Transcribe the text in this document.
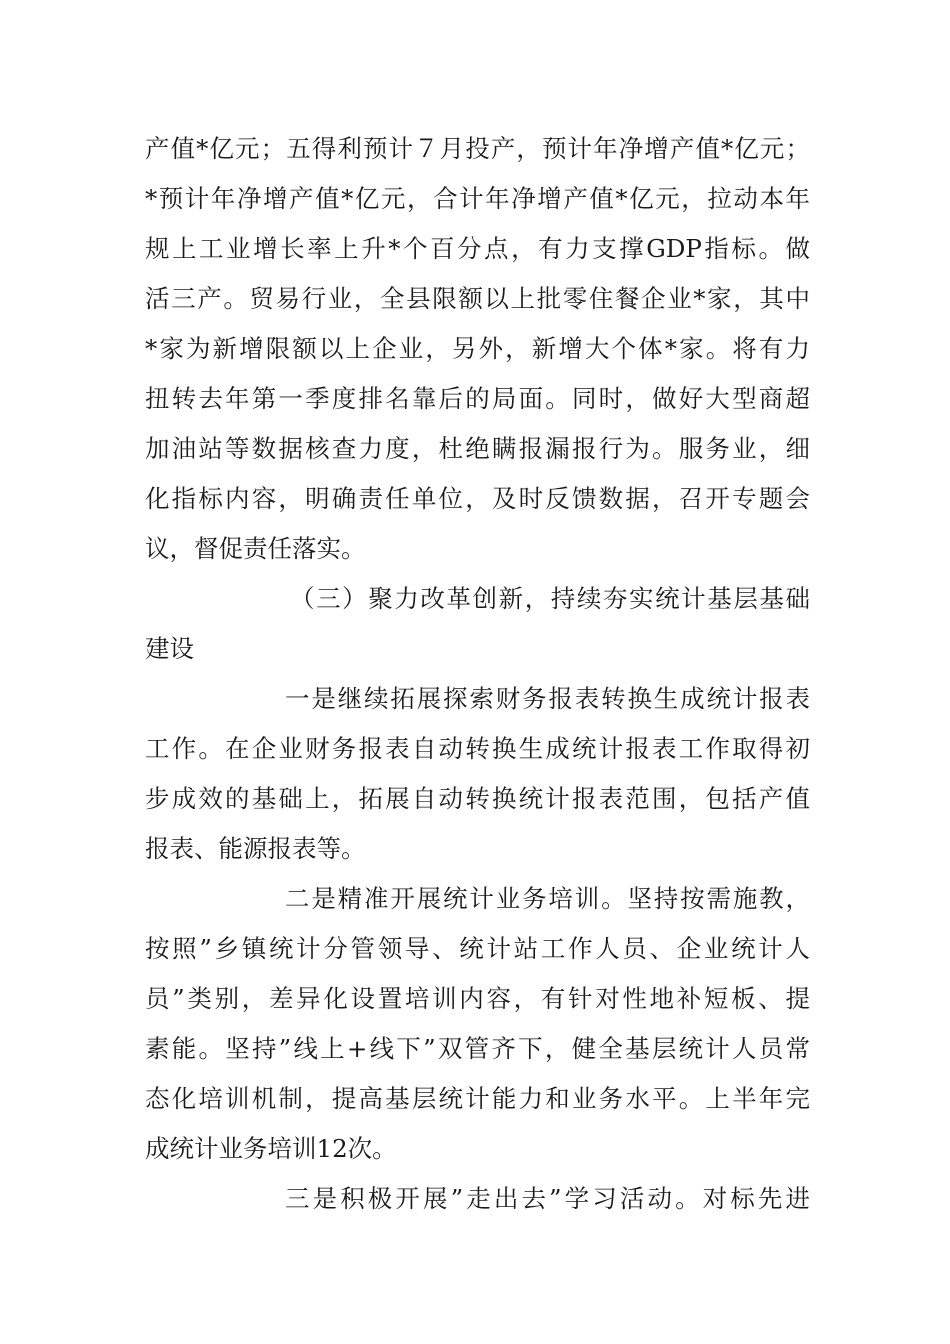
产值*亿元；五得利预计７月投产，预计年净增产值*亿元；
*预计年净增产值*亿元，合计年净增产值*亿元，拉动本年
规上工业增长率上升*个百分点，有力支撑GDP指标。做
活三产。贸易行业，全县限额以上批零住餐企业*家，其中
*家为新增限额以上企业，另外，新增大个体*家。将有力
扭转去年第一季度排名靠后的局面。同时，做好大型商超
加油站等数据核查力度，杜绝瞒报漏报行为。服务业，细
化指标内容，明确责任单位，及时反馈数据，召开专题会
议，督促责任落实。
（三）聚力改革创新，持续夯实统计基层基础
建设
一是继续拓展探索财务报表转换生成统计报表
工作。在企业财务报表自动转换生成统计报表工作取得初
步成效的基础上，拓展自动转换统计报表范围，包括产值
报表、能源报表等。
二是精准开展统计业务培训。坚持按需施教，
按照”乡镇统计分管领导、统计站工作人员、企业统计人
员”类别，差异化设置培训内容，有针对性地补短板、提
素能。坚持”线上+线下”双管齐下，健全基层统计人员常
态化培训机制，提高基层统计能力和业务水平。上半年完
成统计业务培训12次。
三是积极开展”走出去”学习活动。对标先进
